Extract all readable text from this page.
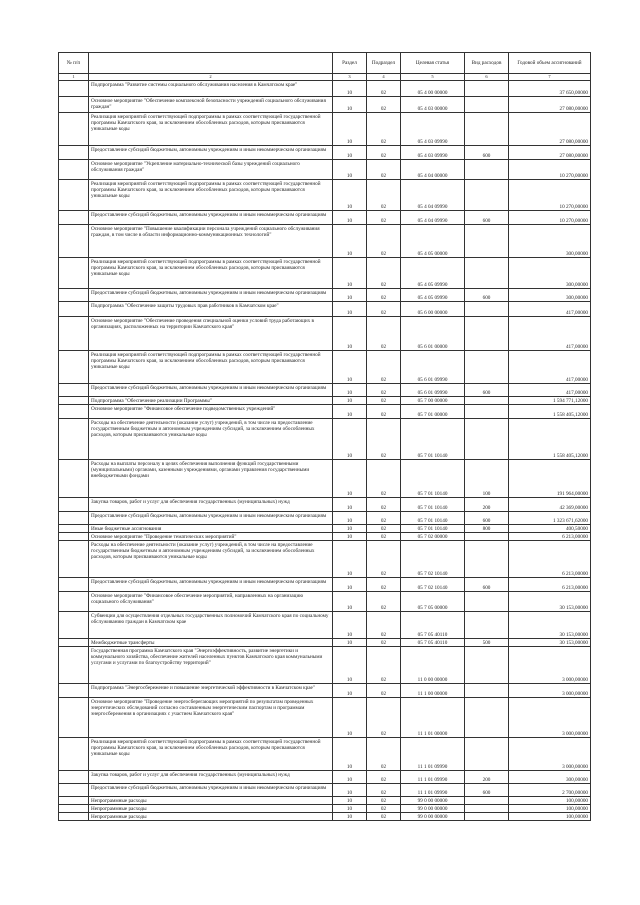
№ п/п		Раздел	Подраздел	Целевая статья	Вид расходов	Годовой объем ассигнований
1	2	3	4	5	6	7
	Подпрограмма "Развитие системы социального обслуживания населения в Камчатском крае"	10	02	05 4 00 00000		37 650,00000
	Основное мероприятие "Обеспечение комплексной безопасности учреждений социального обслуживания граждан"	10	02	05 4 03 00000		27 080,00000
	Реализация мероприятий соответствующей подпрограммы в рамках соответствующей государственной программы Камчатского края, за исключением обособленных расходов, которым присваиваются уникальные коды	10	02	05 4 03 09990		27 080,00000
	Предоставление субсидий бюджетным, автономным учреждениям и иным некоммерческим организациям	10	02	05 4 03 09990	600	27 080,00000
	Основное мероприятие "Укрепление материально-технической базы учреждений социального обслуживания граждан"	10	02	05 4 04 00000		10 270,00000
	Реализация мероприятий соответствующей подпрограммы в рамках соответствующей государственной программы Камчатского края, за исключением обособленных расходов, которым присваиваются уникальные коды	10	02	05 4 04 09990		10 270,00000
	Предоставление субсидий бюджетным, автономным учреждениям и иным некоммерческим организациям	10	02	05 4 04 09990	600	10 270,00000
	Основное мероприятие "Повышение квалификации персонала учреждений социального обслуживания граждан, в том числе в области информационно-коммуникационных технологий"	10	02	05 4 05 00000		300,00000
	Реализация мероприятий соответствующей подпрограммы в рамках соответствующей государственной программы Камчатского края, за исключением обособленных расходов, которым присваиваются уникальные коды	10	02	05 4 05 09990		300,00000
	Предоставление субсидий бюджетным, автономным учреждениям и иным некоммерческим организациям	10	02	05 4 05 09990	600	300,00000
	Подпрограмма "Обеспечение защиты трудовых прав работников в Камчатском крае"	10	02	05 6 00 00000		417,00000
	Основное мероприятие "Обеспечение проведения специальной оценки условий труда работающих в организациях, расположенных на территории Камчатского края"	10	02	05 6 01 00000		417,00000
	Реализация мероприятий соответствующей подпрограммы в рамках соответствующей государственной программы Камчатского края, за исключением обособленных расходов, которым присваиваются уникальные коды	10	02	05 6 01 09990		417,00000
	Предоставление субсидий бюджетным, автономным учреждениям и иным некоммерческим организациям	10	02	05 6 01 09990	600	417,00000
	Подпрограмма "Обеспечение реализации Программы"	10	02	05 7 00 00000		1 594 771,12000
	Основное мероприятие "Финансовое обеспечение подведомственных учреждений"	10	02	05 7 01 00000		1 558 405,12000
	Расходы на обеспечение деятельности (оказание услуг) учреждений, в том числе на предоставление государственным бюджетным и автономным учреждениям субсидий, за исключением обособленных расходов, которым присваиваются уникальные коды	10	02	05 7 01 10140		1 558 405,12000
	Расходы на выплаты персоналу в целях обеспечения выполнения функций государственными (муниципальными) органами, казенными учреждениями, органами управления государственными внебюджетными фондами	10	02	05 7 01 10140	100	191 964,00000
	Закупка товаров, работ и услуг для обеспечения государственных (муниципальных) нужд	10	02	05 7 01 10140	200	42 369,00000
	Предоставление субсидий бюджетным, автономным учреждениям и иным некоммерческим организациям	10	02	05 7 01 10140	600	1 323 671,62000
	Иные бюджетные ассигнования	10	02	05 7 01 10140	800	400,50000
	Основное мероприятие "Проведение тематических мероприятий"	10	02	05 7 02 00000		6 213,00000
	Расходы на обеспечение деятельности (оказание услуг) учреждений, в том числе на предоставление государственным бюджетным и автономным учреждениям субсидий, за исключением обособленных расходов, которым присваиваются уникальные коды	10	02	05 7 02 10140		6 213,00000
	Предоставление субсидий бюджетным, автономным учреждениям и иным некоммерческим организациям	10	02	05 7 02 10140	600	6 213,00000
	Основное мероприятие "Финансовое обеспечение мероприятий, направленных на организацию социального обслуживания"	10	02	05 7 05 00000		30 153,00000
	Субвенции для осуществления отдельных государственных полномочий Камчатского края по социальному обслуживанию граждан в Камчатском крае	10	02	05 7 05 40110		30 153,00000
	Межбюджетные трансферты	10	02	05 7 05 40110	500	30 153,00000
	Государственная программа Камчатского края "Энергоэффективность, развитие энергетики и коммунального хозяйства, обеспечение жителей населенных пунктов Камчатского края коммунальными услугами и услугами по благоустройству территорий"	10	02	11 0 00 00000		3 000,00000
	Подпрограмма "Энергосбережение и повышение энергетической эффективности в Камчатском крае"	10	02	11 1 00 00000		3 000,00000
	Основное мероприятие "Проведение энергосберегающих мероприятий по результатам проведенных энергетических обследований согласно составленным энергетическим паспортам и программам энергосбережения в организациях с участием Камчатского края"	10	02	11 1 01 00000		3 000,00000
	Реализация мероприятий соответствующей подпрограммы в рамках соответствующей государственной программы Камчатского края, за исключением обособленных расходов, которым присваиваются уникальные коды	10	02	11 1 01 09990		3 000,00000
	Закупка товаров, работ и услуг для обеспечения государственных (муниципальных) нужд	10	02	11 1 01 09990	200	300,00000
	Предоставление субсидий бюджетным, автономным учреждениям и иным некоммерческим организациям	10	02	11 1 01 09990	600	2 700,00000
	Непрограммные расходы	10	02	99 0 00 00000		100,00000
	Непрограммные расходы	10	02	99 0 00 00000		100,00000
	Непрограммные расходы	10	02	99 0 00 00000		100,00000
